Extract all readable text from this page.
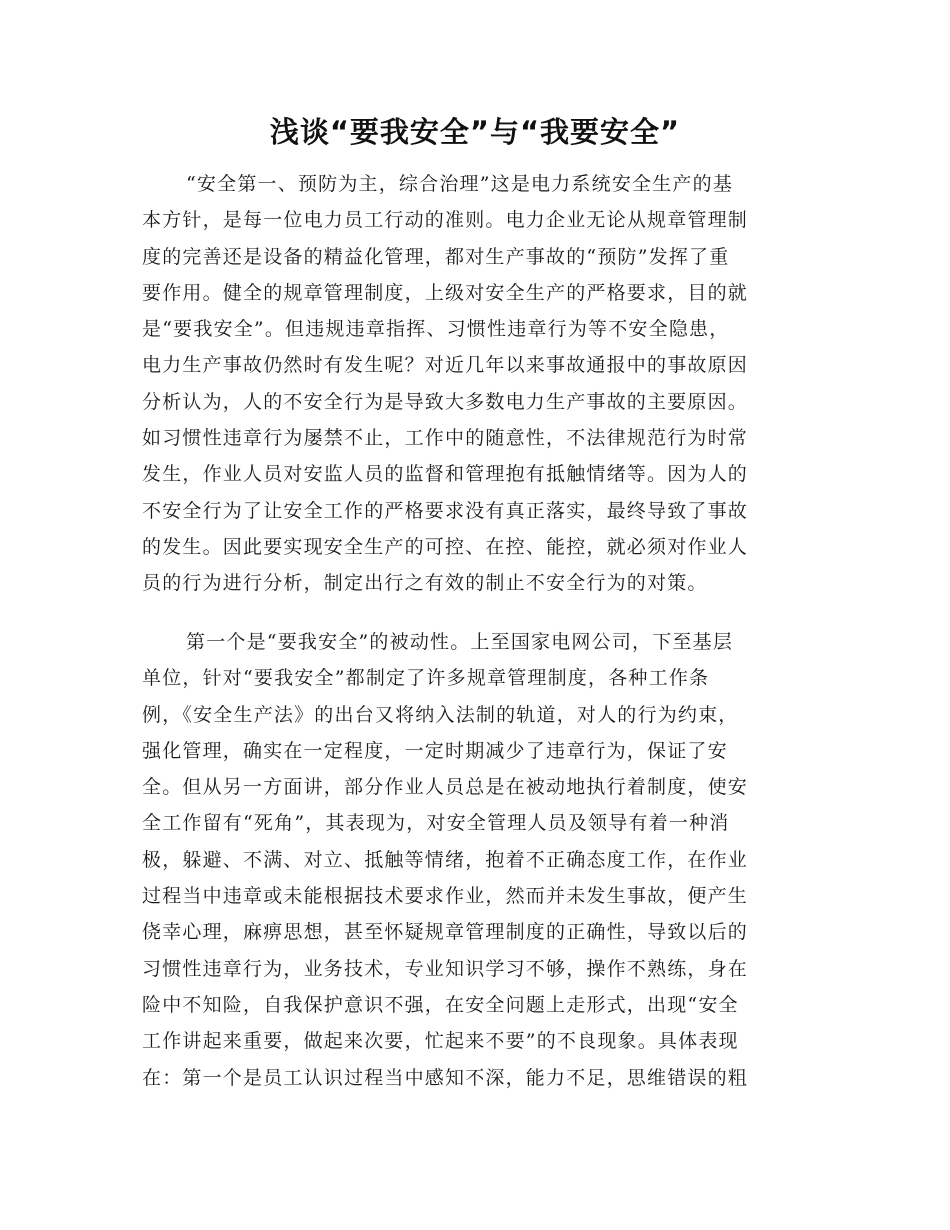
浅谈“要我安全”与“我要安全”
“安全第一、预防为主，综合治理”这是电力系统安全生产的基
本方针，是每一位电力员工行动的准则。电力企业无论从规章管理制
度的完善还是设备的精益化管理，都对生产事故的“预防”发挥了重
要作用。健全的规章管理制度，上级对安全生产的严格要求，目的就
是“要我安全”。但违规违章指挥、习惯性违章行为等不安全隐患，
电力生产事故仍然时有发生呢？对近几年以来事故通报中的事故原因
分析认为，人的不安全行为是导致大多数电力生产事故的主要原因。
如习惯性违章行为屡禁不止，工作中的随意性，不法律规范行为时常
发生，作业人员对安监人员的监督和管理抱有抵触情绪等。因为人的
不安全行为了让安全工作的严格要求没有真正落实，最终导致了事故
的发生。因此要实现安全生产的可控、在控、能控，就必须对作业人
员的行为进行分析，制定出行之有效的制止不安全行为的对策。
第一个是“要我安全”的被动性。上至国家电网公司，下至基层
单位，针对“要我安全”都制定了许多规章管理制度，各种工作条
例，《安全生产法》的出台又将纳入法制的轨道，对人的行为约束，
强化管理，确实在一定程度，一定时期减少了违章行为，保证了安
全。但从另一方面讲，部分作业人员总是在被动地执行着制度，使安
全工作留有“死角”，其表现为，对安全管理人员及领导有着一种消
极，躲避、不满、对立、抵触等情绪，抱着不正确态度工作，在作业
过程当中违章或未能根据技术要求作业，然而并未发生事故，便产生
侥幸心理，麻痹思想，甚至怀疑规章管理制度的正确性，导致以后的
习惯性违章行为，业务技术，专业知识学习不够，操作不熟练，身在
险中不知险，自我保护意识不强，在安全问题上走形式，出现“安全
工作讲起来重要，做起来次要，忙起来不要”的不良现象。具体表现
在：第一个是员工认识过程当中感知不深，能力不足，思维错误的粗
